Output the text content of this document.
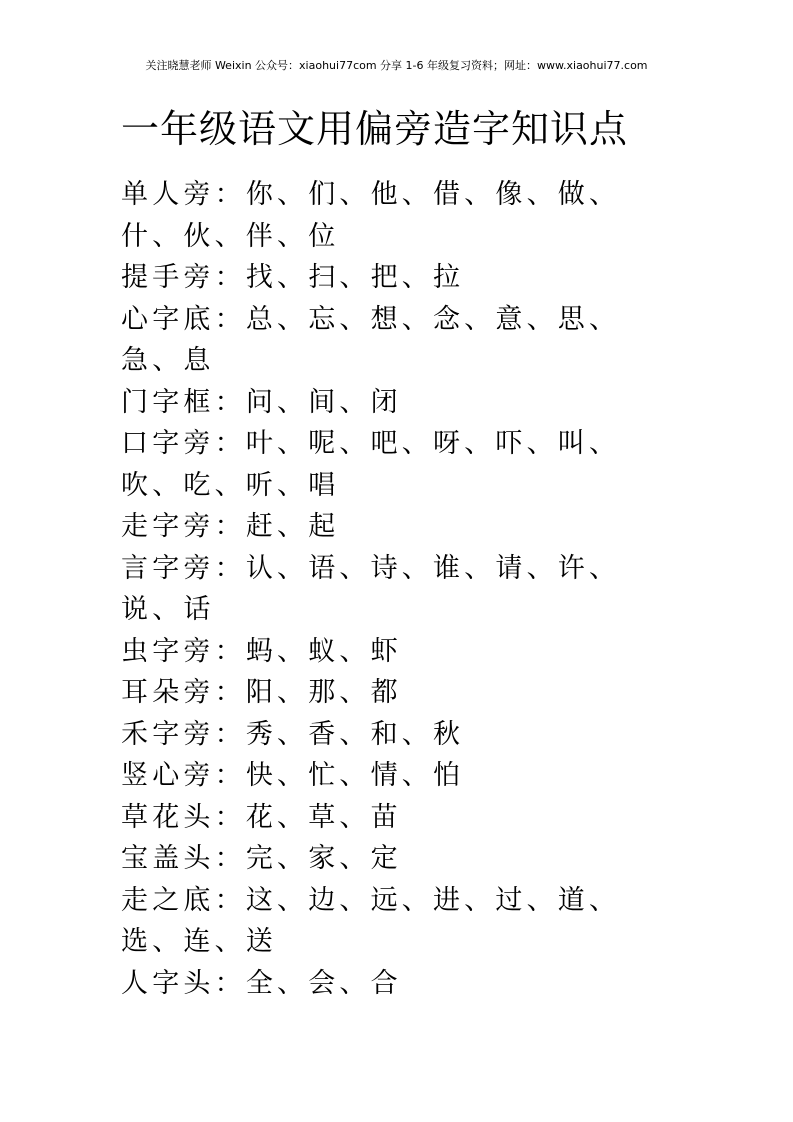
关注晓慧老师 Weixin 公众号：xiaohui77com 分享 1-6 年级复习资料；网址：www.xiaohui77.com
一年级语文用偏旁造字知识点

单人旁：你、们、他、借、像、做、什、伙、伴、位

提手旁：找、扫、把、拉

心字底：总、忘、想、念、意、思、急、息

门字框：问、间、闭

口字旁：叶、呢、吧、呀、吓、叫、吹、吃、听、唱

走字旁：赶、起

言字旁：认、语、诗、谁、请、许、说、话

虫字旁：蚂、蚁、虾

耳朵旁：阳、那、都

禾字旁：秀、香、和、秋

竖心旁：快、忙、情、怕

草花头：花、草、苗

宝盖头：完、家、定

走之底：这、边、远、进、过、道、选、连、送

人字头：全、会、合
